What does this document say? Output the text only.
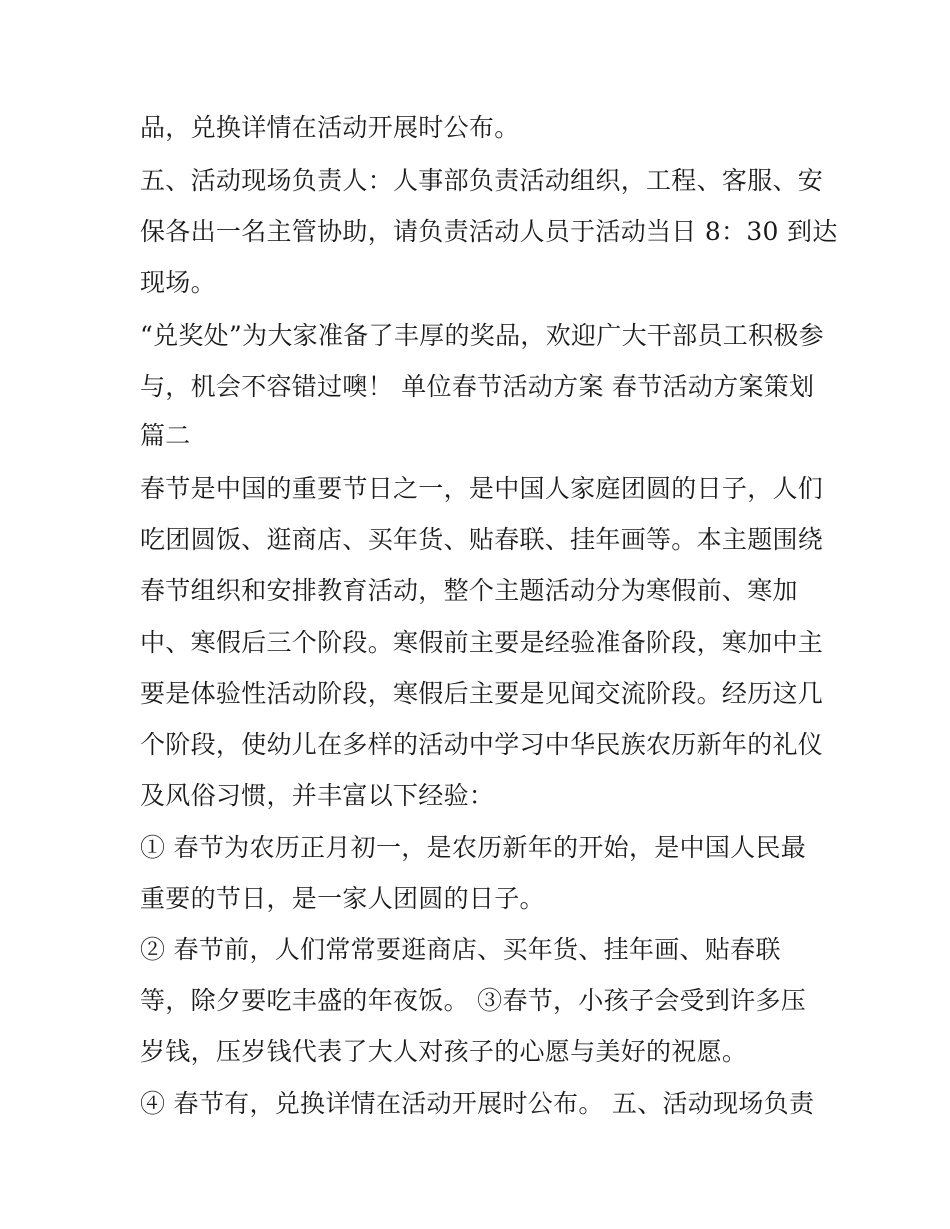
品，兑换详情在活动开展时公布。
五、活动现场负责人：人事部负责活动组织，工程、客服、安
保各出一名主管协助，请负责活动人员于活动当日 8：30 到达
现场。
“兑奖处”为大家准备了丰厚的奖品，欢迎广大干部员工积极参
与，机会不容错过噢！ 单位春节活动方案 春节活动方案策划
篇二
春节是中国的重要节日之一，是中国人家庭团圆的日子，人们
吃团圆饭、逛商店、买年货、贴春联、挂年画等。本主题围绕
春节组织和安排教育活动，整个主题活动分为寒假前、寒加
中、寒假后三个阶段。寒假前主要是经验准备阶段，寒加中主
要是体验性活动阶段，寒假后主要是见闻交流阶段。经历这几
个阶段，使幼儿在多样的活动中学习中华民族农历新年的礼仪
及风俗习惯，并丰富以下经验：
① 春节为农历正月初一，是农历新年的开始，是中国人民最
重要的节日，是一家人团圆的日子。
② 春节前，人们常常要逛商店、买年货、挂年画、贴春联
等，除夕要吃丰盛的年夜饭。 ③春节，小孩子会受到许多压
岁钱，压岁钱代表了大人对孩子的心愿与美好的祝愿。
④ 春节有，兑换详情在活动开展时公布。 五、活动现场负责
